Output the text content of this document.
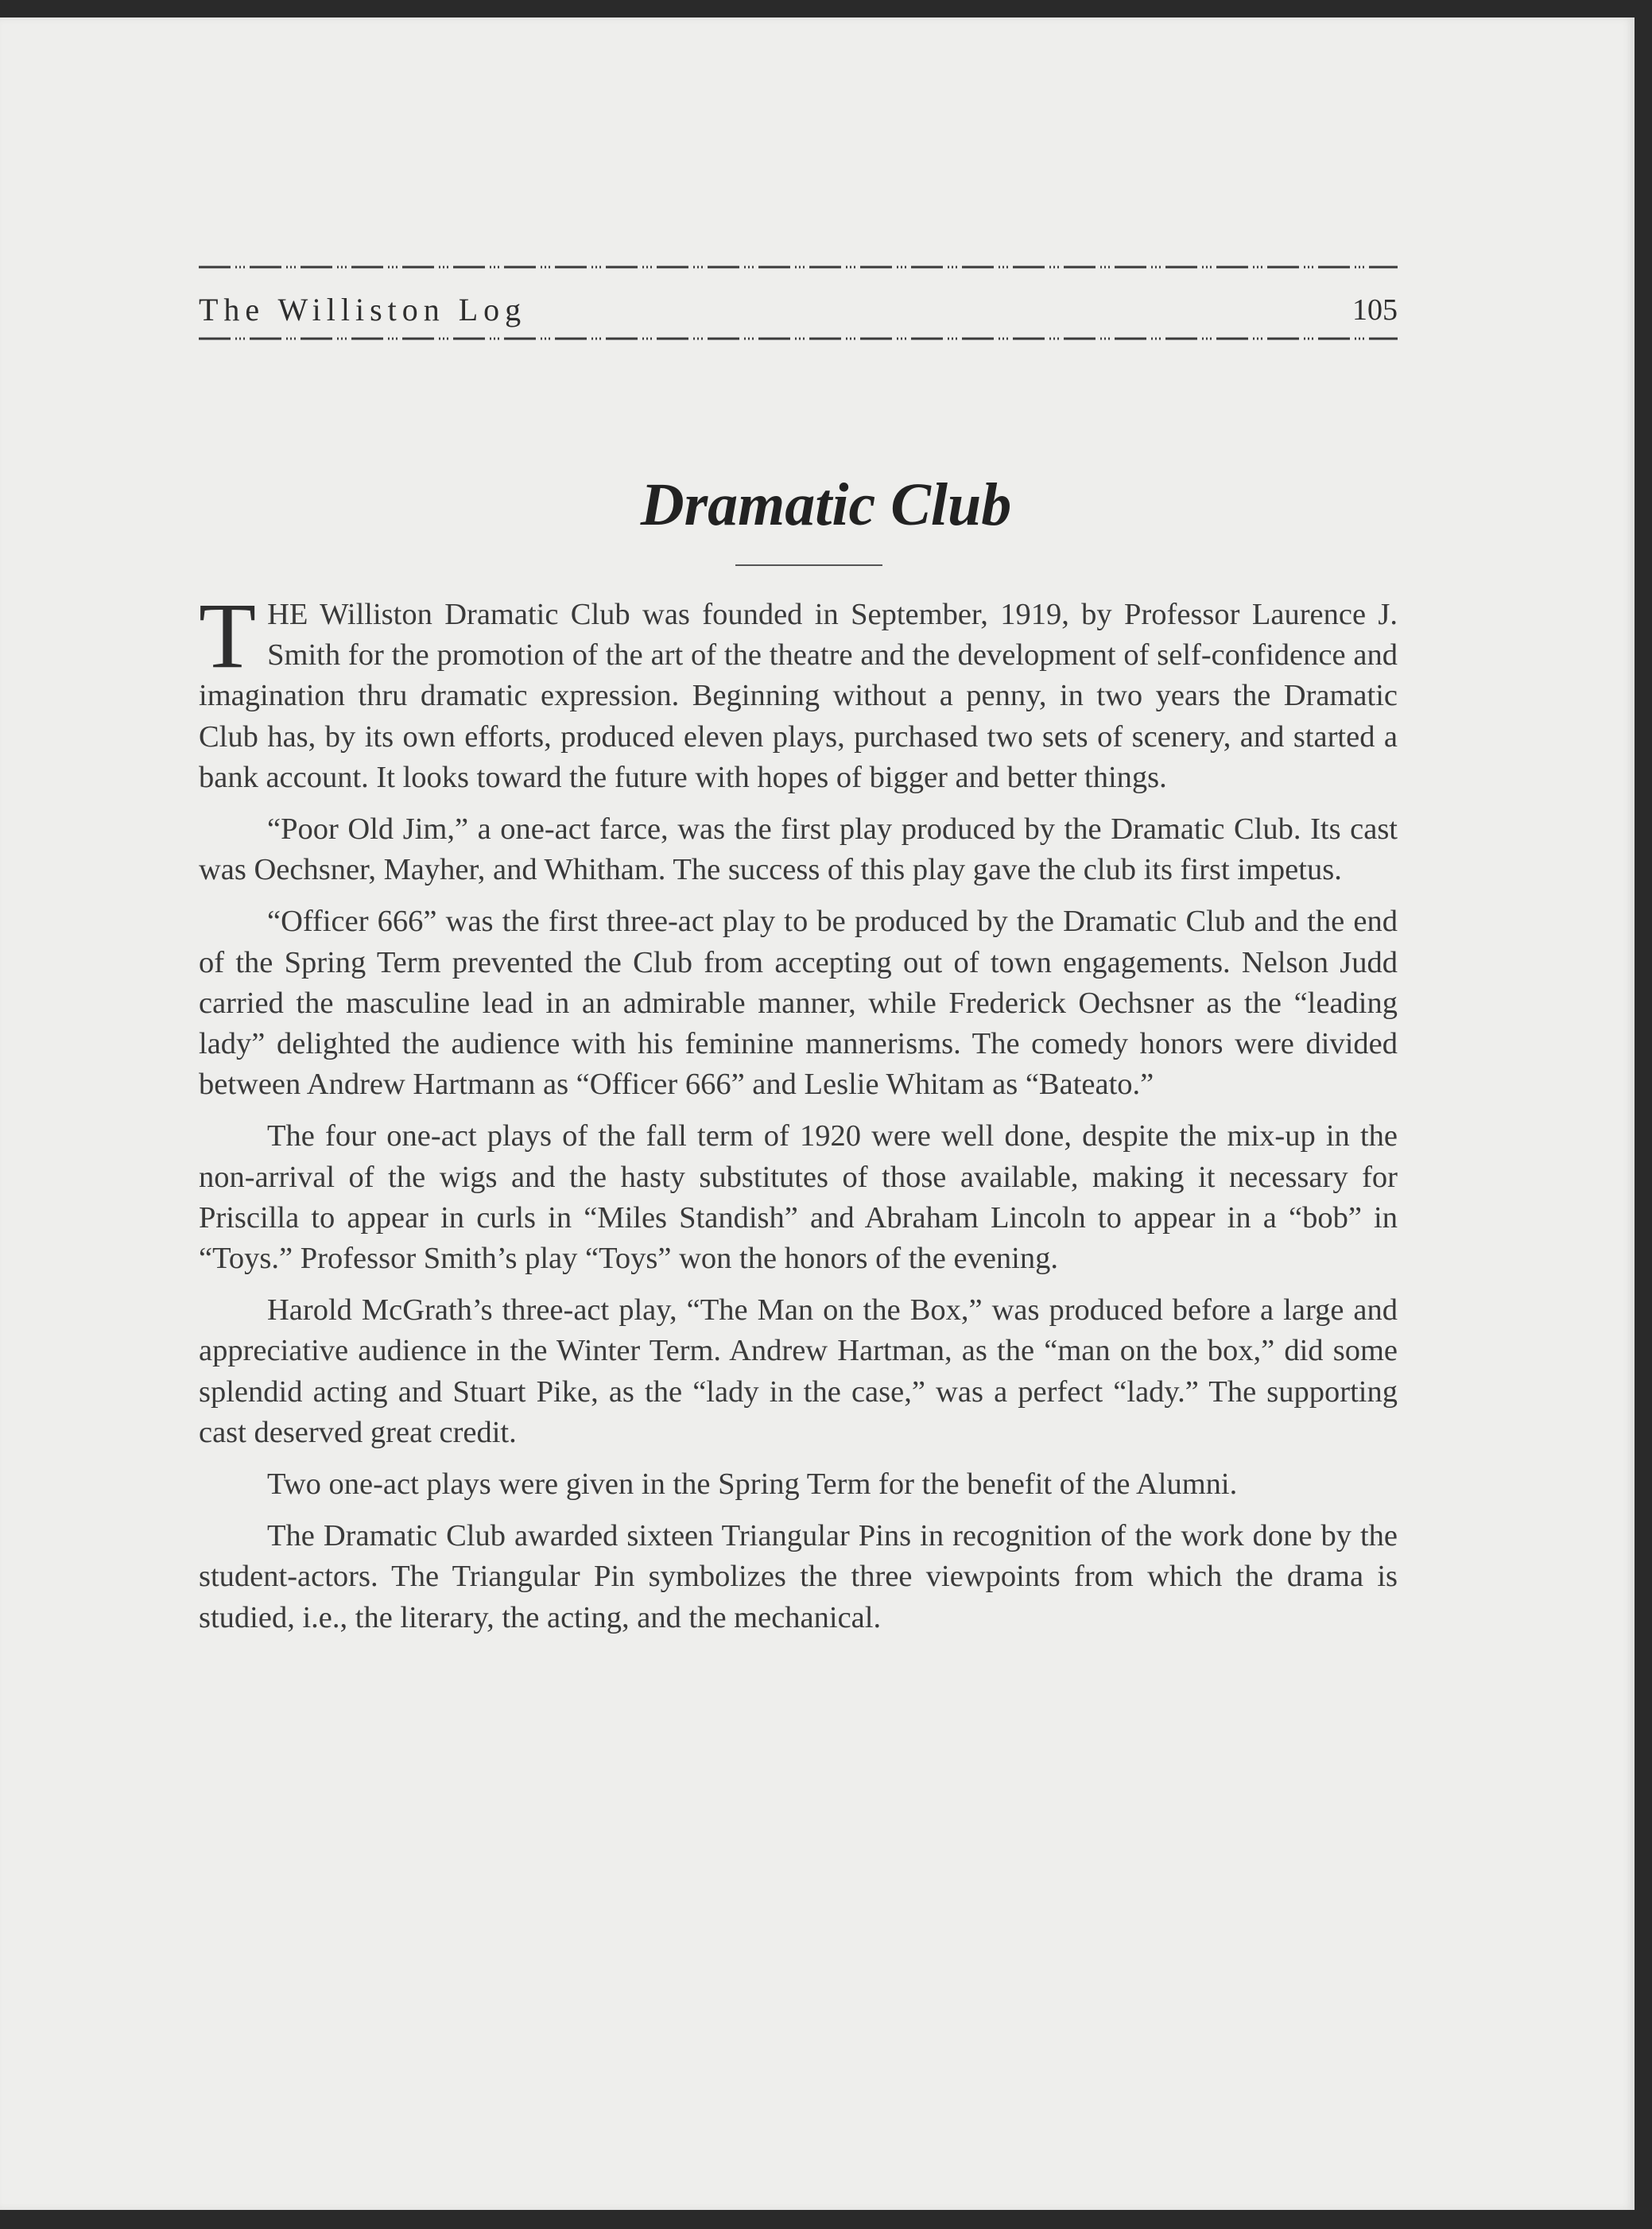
The Williston Log	105
Dramatic Club

THE Williston Dramatic Club was founded in September, 1919, by Professor Laurence J. Smith for the promotion of the art of the theatre and the development of self-confidence and imagination thru dramatic expression. Beginning without a penny, in two years the Dramatic Club has, by its own efforts, produced eleven plays, purchased two sets of scenery, and started a bank account. It looks toward the future with hopes of bigger and better things.

“Poor Old Jim,” a one-act farce, was the first play produced by the Dramatic Club. Its cast was Oechsner, Mayher, and Whitham. The success of this play gave the club its first impetus.

“Officer 666” was the first three-act play to be produced by the Dramatic Club and the end of the Spring Term prevented the Club from accepting out of town engagements. Nelson Judd carried the masculine lead in an admirable manner, while Frederick Oechsner as the “leading lady” delighted the audience with his feminine mannerisms. The comedy honors were divided between Andrew Hartmann as “Officer 666” and Leslie Whitam as “Bateato.”

The four one-act plays of the fall term of 1920 were well done, despite the mix-up in the non-arrival of the wigs and the hasty substitutes of those available, making it necessary for Priscilla to appear in curls in “Miles Standish” and Abraham Lincoln to appear in a “bob” in “Toys.” Professor Smith’s play “Toys” won the honors of the evening.

Harold McGrath’s three-act play, “The Man on the Box,” was produced before a large and appreciative audience in the Winter Term. Andrew Hartman, as the “man on the box,” did some splendid acting and Stuart Pike, as the “lady in the case,” was a perfect “lady.” The supporting cast deserved great credit.

Two one-act plays were given in the Spring Term for the benefit of the Alumni.

The Dramatic Club awarded sixteen Triangular Pins in recognition of the work done by the student-actors. The Triangular Pin symbolizes the three viewpoints from which the drama is studied, i.e., the literary, the acting, and the mechanical.
